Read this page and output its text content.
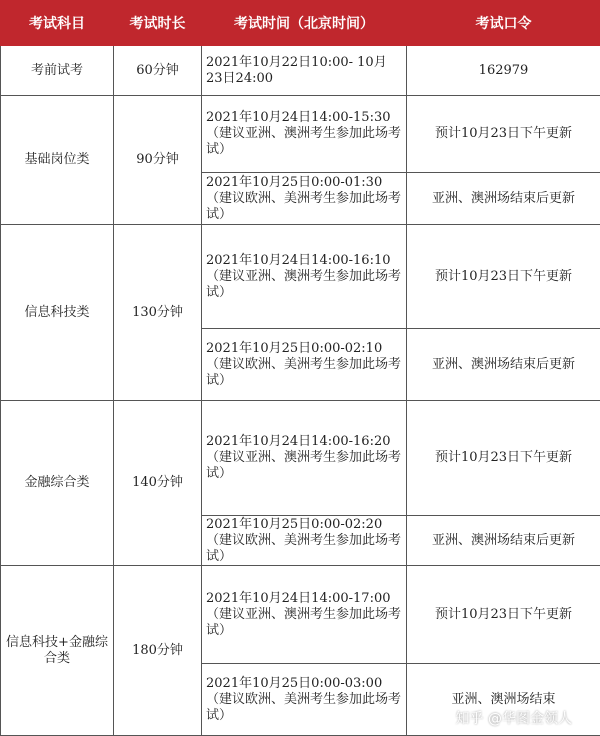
考试科目	考试时长	考试时间（北京时间）	考试口令
考前试考	60分钟	2021年10月22日10:00- 10月23日24:00	162979
基础岗位类	90分钟	2021年10月24日14:00-15:30（建议亚洲、澳洲考生参加此场考试）	预计10月23日下午更新
		2021年10月25日0:00-01:30（建议欧洲、美洲考生参加此场考试）	亚洲、澳洲场结束后更新
信息科技类	130分钟	2021年10月24日14:00-16:10（建议亚洲、澳洲考生参加此场考试）	预计10月23日下午更新
		2021年10月25日0:00-02:10（建议欧洲、美洲考生参加此场考试）	亚洲、澳洲场结束后更新
金融综合类	140分钟	2021年10月24日14:00-16:20（建议亚洲、澳洲考生参加此场考试）	预计10月23日下午更新
		2021年10月25日0:00-02:20（建议欧洲、美洲考生参加此场考试）	亚洲、澳洲场结束后更新
信息科技+金融综合类	180分钟	2021年10月24日14:00-17:00（建议亚洲、澳洲考生参加此场考试）	预计10月23日下午更新
		2021年10月25日0:00-03:00（建议欧洲、美洲考生参加此场考试）	亚洲、澳洲场结束
知乎 @华图金领人
